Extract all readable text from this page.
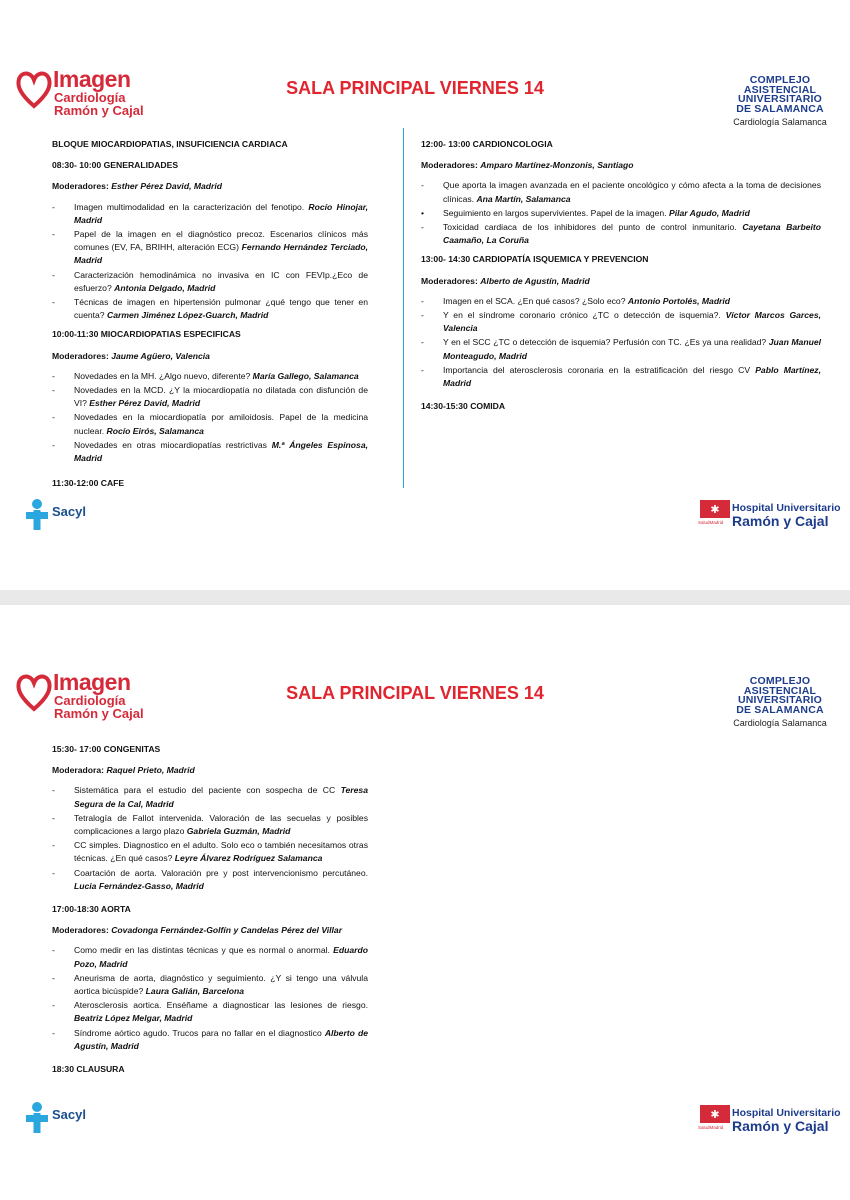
Imagen
Cardiología
Ramón y Cajal
SALA PRINCIPAL VIERNES 14	COMPLEJO
ASISTENCIAL
UNIVERSITARIO
DE SALAMANCA
Cardiología Salamanca
BLOQUE MIOCARDIOPATIAS, INSUFICIENCIA CARDIACA
08:30- 10:00 GENERALIDADES
Moderadores: Esther Pérez David, Madrid
- Imagen multimodalidad en la caracterización del fenotipo. Rocío Hinojar, Madrid
- Papel de la imagen en el diagnóstico precoz. Escenarios clínicos más comunes (EV, FA, BRIHH, alteración ECG) Fernando Hernández Terciado, Madrid
- Caracterización hemodinámica no invasiva en IC con FEVIp.¿Eco de esfuerzo? Antonia Delgado, Madrid
- Técnicas de imagen en hipertensión pulmonar ¿qué tengo que tener en cuenta? Carmen Jiménez López-Guarch, Madrid
10:00-11:30 MIOCARDIOPATIAS ESPECIFICAS
Moderadores: Jaume Agüero, Valencia
- Novedades en la MH. ¿Algo nuevo, diferente? María Gallego, Salamanca
- Novedades en la MCD. ¿Y la miocardiopatía no dilatada con disfunción de VI? Esther Pérez David, Madrid
- Novedades en la miocardiopatía por amiloidosis. Papel de la medicina nuclear. Rocío Eirós, Salamanca
- Novedades en otras miocardiopatías restrictivas M.ª Ángeles Espinosa, Madrid
11:30-12:00 CAFE
12:00- 13:00 CARDIONCOLOGIA
Moderadores: Amparo Martínez-Monzonis, Santiago
- Que aporta la imagen avanzada en el paciente oncológico y cómo afecta a la toma de decisiones clínicas. Ana Martín, Salamanca
• Seguimiento en largos supervivientes. Papel de la imagen. Pilar Agudo, Madrid
- Toxicidad cardiaca de los inhibidores del punto de control inmunitario. Cayetana Barbeito Caamaño, La Coruña
13:00- 14:30 CARDIOPATÍA ISQUEMICA Y PREVENCION
Moderadores: Alberto de Agustín, Madrid
- Imagen en el SCA. ¿En qué casos? ¿Solo eco? Antonio Portolés, Madrid
- Y en el síndrome coronario crónico ¿TC o detección de isquemia?. Víctor Marcos Garces, Valencia
- Y en el SCC ¿TC o detección de isquemia? Perfusión con TC. ¿Es ya una realidad? Juan Manuel Monteagudo, Madrid
- Importancia del aterosclerosis coronaria en la estratificación del riesgo CV Pablo Martínez, Madrid
14:30-15:30 COMIDA
Sacyl	✱
SaludMadrid
Hospital Universitario
Ramón y Cajal
Imagen
Cardiología
Ramón y Cajal
SALA PRINCIPAL VIERNES 14
COMPLEJO
ASISTENCIAL
UNIVERSITARIO
DE SALAMANCA
Cardiología Salamanca
15:30- 17:00 CONGENITAS
Moderadora: Raquel Prieto, Madrid
- Sistemática para el estudio del paciente con sospecha de CC Teresa Segura de la Cal, Madrid
- Tetralogía de Fallot intervenida. Valoración de las secuelas y posibles complicaciones a largo plazo Gabriela Guzmán, Madrid
- CC simples. Diagnostico en el adulto. Solo eco o también necesitamos otras técnicas. ¿En qué casos? Leyre Álvarez Rodríguez Salamanca
- Coartación de aorta. Valoración pre y post intervencionismo percutáneo. Lucia Fernández-Gasso, Madrid
17:00-18:30 AORTA
Moderadores: Covadonga Fernández-Golfín y Candelas Pérez del Villar
- Como medir en las distintas técnicas y que es normal o anormal. Eduardo Pozo, Madrid
- Aneurisma de aorta, diagnóstico y seguimiento. ¿Y si tengo una válvula aortica bicúspide? Laura Galián, Barcelona
- Aterosclerosis aortica. Enséñame a diagnosticar las lesiones de riesgo. Beatriz López Melgar, Madrid
- Síndrome aórtico agudo. Trucos para no fallar en el diagnostico Alberto de Agustín, Madrid
18:30 CLAUSURA
Sacyl	✱
SaludMadrid
Hospital Universitario
Ramón y Cajal
